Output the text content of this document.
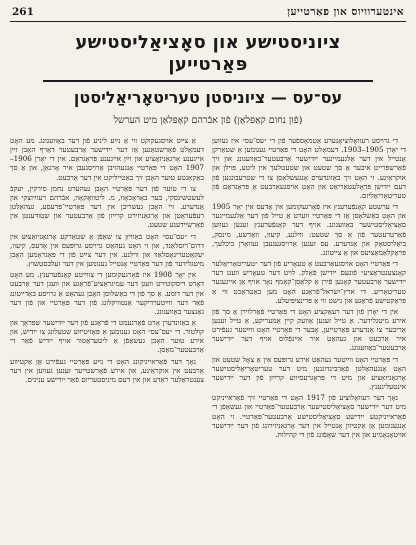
261	אינטערוויוס און פאַרטייען
ציוניסטישע און סאָציאַליסטישע פּאַרטייען
עס־עס — ציוניסטן טעריטאָריאַליסטן
(פֿון נחום קאַפּלאַן) פֿון אבֿרהם קאָפּלאַן מיט הערשל

די גרויסע רעוואָלוציאָנערע אַטמאָספֿער פֿון די ״עס־עס״ איז געווען די יאָרן ‎1903–1905‎. דעמאָלט האָט די פּאַרטיי גענומען אַ שטאַרקן אָנטייל אין דער אַלגעמיינער ייִדישער אַרבעטער־באַוועגונג און זיך פֿאַרשפּרייט איבער אַ סך שטעט און שטעטלעך אין ליטע, פּוילן און אוקראַינע. זי האָט זיך באַזונדערס אָנגעשלאָסן צו די שטרעבונגען פֿון דעם ייִדישן פּראָלעטאַריאַט און האָט אויסגעאַרבעט אַ פּראָגראַם פֿון טעריטאָריאַליזם.

די ערשטע קאָנפֿערענץ איז פֿאָרגעקומען אין אָדעס אין יאָר 1905 און האָט באַשלאָסן אַז די פּאַרטיי ווערט אַ טייל פֿון דער אַלגעמיינער סאָציאַליסטישער באַוועגונג. אויף דער קאָנפֿערענץ זענען געווען פֿאַרטרעטער פֿון אַ סך שטעט: ווילנע, קיעוו, וואַרשע, מינסק, ביאַליסטאָק און אַנדערע. עס זענען אַרויסגעגעבן געוואָרן ביכלעך, פּראָקלאַמאַציעס און אַ צייטונג.

די פּאַרטיי האָט אויסגעאַרבעט אַ טעאָריע פֿון דער ״טעריטאָריאַלער קאָנצענטראַציע״ פֿונעם ייִדישן פֿאָלק. לויט דער טעאָריע וועט דער ייִדישער אַרבעטער קאָנען פֿירן אַ קלאַסן־קאַמף נאָר אויף אַן אייגענער טעריטאָריע. די ארץ־ישׂראל־פֿראַגע האָט מען באַטראַכט ווי אַ פּראַקטישע פֿראַגע און נישט ווי אַ פּרינציפּיעלע.

אין די יאָרן פֿון דער רעאַקציע האָט די פּאַרטיי פֿאַרלוירן אַ סך פֿון אירע מיטגלידער. אַ טייל זענען אַוועק קיין אַמעריקע, אַ טייל זענען אַריבער צו אַנדערע פּאַרטייען. אָבער די פּאַרטיי האָט ווײַטער געפֿירט איר אַרבעט און געהאַט איר אײַנפֿלוס אויף דער ייִדישער אַרבעטער־באַוועגונג.

די פּאַרטיי האָט ווײַטער געהאַט אירע גרופּעס אין אַ צאָל שטעט און האָט אָנגעהאַלטן פֿאַרבינדונגען מיט דער טעריטאָריאַליסטישער אָרגאַניזאַציע און מיט די פּראָגרעסיווע קרײַזן פֿון דער ייִדישער אינטעליגענץ.

נאָך דער רעוואָלוציע פֿון 1917 האָט די פּאַרטיי זיך פֿאַראייניקט מיט דער ייִדישער סאָציאַליסטישער אַרבעטער־פּאַרטיי און געשאַפֿן די פֿאַראייניקטע ייִדישע סאָציאַליסטישע אַרבעטער־פּאַרטיי. זי האָט אָנגענומען אַן אַקטיוון אָנטייל אין דער אָרגאַניזירונג פֿון דער ייִדישער אויטאָנאָמיע און אין דער שאַפֿונג פֿון די קהילות.

אַ צײַט אויסגעקוקט ווי אַ נײַע ליניע פֿון דער באַוועגונג. מע האָט דעמאָלט פֿאַרשטאַנען אַז דער ייִדישער אַרבעטער דאַרף האָבן זײַן אייגענע אָרגאַניזאַציע און זײַן אייגענע פּראָגראַם. אין די יאָרן 1906–1907 האָט די פּאַרטיי אָנגעהויבן אַרויסגעבן איר אָרגאַן, און אַ סך באַקאַנטע טוער האָבן זיך באַטייליקט אין דער אַרבעט.

צו די טוער פֿון דער פּאַרטיי האָבן געהערט נחמן סירקין, יעקבֿ לעשטשינסקי, בער באָראָכאָוו, מ. ליטוואַקאָוו, אבֿרהם רעוויוצקי און אַנדערע. זיי האָבן געשריבן אין דער פּאַרטיי־פּרעסע, געהאַלטן רעפֿעראַטן און אָרגאַניזירט קרײַזן פֿון אַרבעטער און שטודענטן אין פֿאַרשיידענע שטעט.

די ״עס־עס״ האָט באַוויזן צו שאַפֿן אַ שטאַרקע אָרגאַניזאַציע אין דרום־רוסלאַנד, און זי האָט געהאַט גרויסע גרופּעס אין אָדעס, קיעוו, יעקאַטערינאָסלאַוו און ווילנע. אין דער צײַט פֿון די פּאָגראָמען האָבן מיטגלידער פֿון דער פּאַרטיי אָנטייל גענומען אין דער זעלבסטשוץ.

אין יאָר 1908 איז פֿאָרגעקומען די צווייטע קאָנפֿערענץ. מע האָט דאָרט דיסקוטירט וועגן דער עמיגראַציע־פֿראַגע און וועגן דער אַרבעט אין דער דומע. אַ סך פֿון די באַשלוסן האָבן געהאַט אַ גרויסע באַדײַטונג פֿאַר דער ווײַטערדיקער אַנטוויקלונג פֿון דער פּאַרטיי און פֿון דער גאַנצער באַוועגונג.

אַ באַזונדערן אָרט פֿאַרנעמט די פֿראַגע פֿון דער ייִדישער שפּראַך און קולטור. די ״עס־עס״ האָט גענומען אַ פּאָזיטיווע שטעלונג צו ייִדיש, און אירע טוער האָבן געשאַפֿן אַ ליטעראַטור אויף ייִדיש פֿאַר די אַרבעטער־מאַסן.

נאָך דער פֿאַראייניקונג האָט די נײַע פּאַרטיי געפֿירט אַן אַקטיווע אַרבעט אין אוקראַינע, און אירע פֿאָרשטייער זענען געווען אין דער צענטראַלער ראַדע און אין דעם מיניסטעריום פֿאַר ייִדישע ענינים.
